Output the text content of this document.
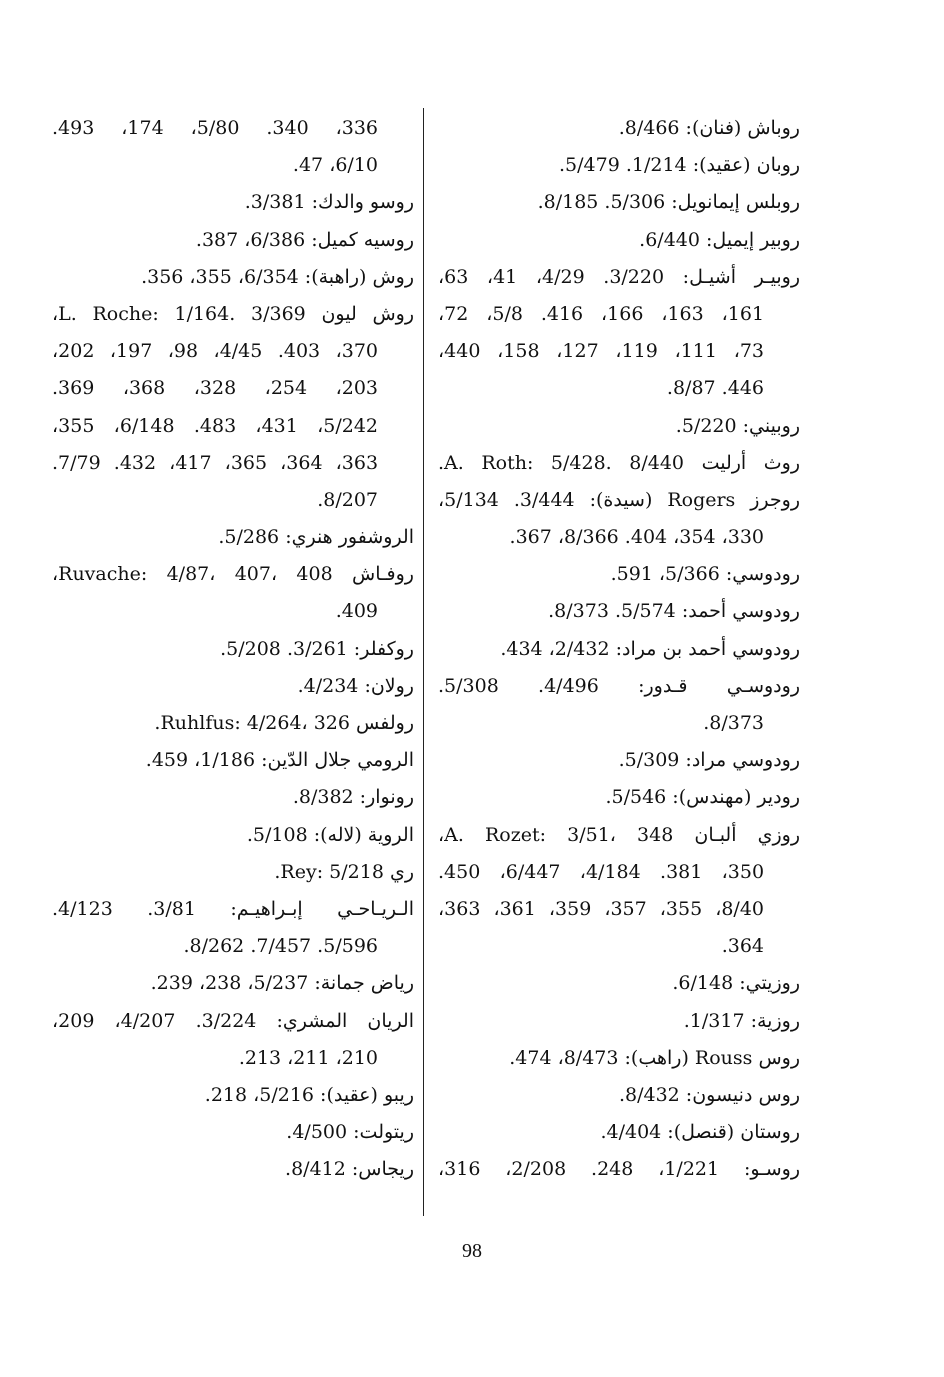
روباش (فنان): 8/466.
روبان (عقيد): 1/214. 5/479.
روبلس إيمانويل: 5/306. 8/185.
روبير إيميل: 6/440.
روبيـر أشيـل: 3/220. 4/29، 41، 63،
161، 163، 166، 416. 5/8، 72،
73، 111، 119، 127، 158، 440،
446. 8/87.
روبيني: 5/220.
روث أرليت A. Roth: 5/428. 8/440.
روجرز Rogers (سيدة): 3/444. 5/134،
330، 354، 404. 8/366، 367.
رودوسي: 5/366، 591.
رودوسي أحمد: 5/574. 8/373.
رودوسي أحمد بن مراد: 2/432، 434.
رودوسـي قـدور: 4/496. 5/308.
8/373.
رودوسي مراد: 5/309.
رودير (مهندس): 5/546.
روزي ألبـان A. Rozet: 3/51، 348،
350، 381. 4/184، 6/447، 450.
8/40، 355، 357، 359، 361، 363،
364.
روزيتي: 6/148.
روزية: 1/317.
روس Rouss (راهب): 8/473، 474.
روس دنيسون: 8/432.
روستان (قنصل): 4/404.
روسـو: 1/221، 248. 2/208، 316،
336، 340. 5/80، 174، 493.
6/10، 47.
روسو والدك: 3/381.
روسيه كميل: 6/386، 387.
روش (راهبة): 6/354، 355، 356.
روش ليون L. Roche: 1/164. 3/369،
370، 403. 4/45، 98، 197، 202،
203، 254، 328، 368، 369.
5/242، 431، 483. 6/148، 355،
363، 364، 365، 417، 432. 7/79.
8/207.
الروشفور هنري: 5/286.
روفـاش Ruvache: 4/87، 407، 408،
409.
روكفلر: 3/261. 5/208.
رولان: 4/234.
رولفس Ruhlfus: 4/264، 326.
الرومي جلال الدّين: 1/186، 459.
رونوار: 8/382.
الروية (لاله): 5/108.
ري Rey: 5/218.
الـريـاحـي إبـراهيـم: 3/81. 4/123.
5/596. 7/457. 8/262.
رياض جمانة: 5/237، 238، 239.
الريان المشري: 3/224. 4/207، 209،
210، 211، 213.
ريبو (عقيد): 5/216، 218.
ريتولت: 4/500.
ريجاس: 8/412.
98
